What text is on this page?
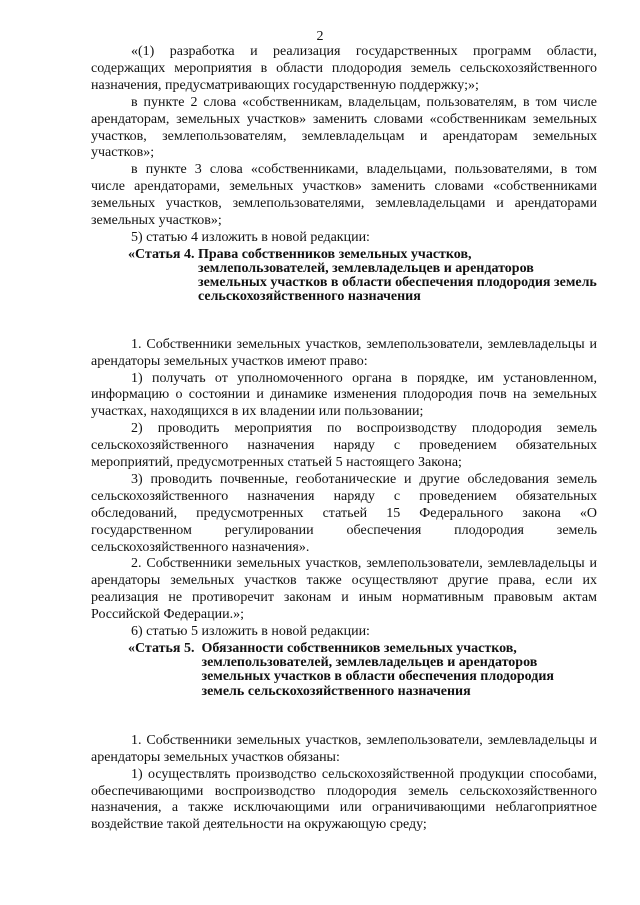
2

«(1) разработка и реализация государственных программ области, содержащих мероприятия в области плодородия земель сельскохозяйственного назначения, предусматривающих государственную поддержку;»;

в пункте 2 слова «собственникам, владельцам, пользователям, в том числе арендаторам, земельных участков» заменить словами «собственникам земельных участков, землепользователям, землевладельцам и арендаторам земельных участков»;

в пункте 3 слова «собственниками, владельцами, пользователями, в том числе арендаторами, земельных участков» заменить словами «собственниками земельных участков, землепользователями, землевладельцами и арендаторами земельных участков»;

5) статью 4 изложить в новой редакции:

«Статья 4. Права собственников земельных участков, землепользователей, землевладельцев и арендаторов земельных участков в области обеспечения плодородия земель сельскохозяйственного назначения

1. Собственники земельных участков, землепользователи, землевладельцы и арендаторы земельных участков имеют право:

1) получать от уполномоченного органа в порядке, им установленном, информацию о состоянии и динамике изменения плодородия почв на земельных участках, находящихся в их владении или пользовании;

2) проводить мероприятия по воспроизводству плодородия земель сельскохозяйственного назначения наряду с проведением обязательных мероприятий, предусмотренных статьей 5 настоящего Закона;

3) проводить почвенные, геоботанические и другие обследования земель сельскохозяйственного назначения наряду с проведением обязательных обследований, предусмотренных статьей 15 Федерального закона «О государственном регулировании обеспечения плодородия земель сельскохозяйственного назначения».

2. Собственники земельных участков, землепользователи, землевладельцы и арендаторы земельных участков также осуществляют другие права, если их реализация не противоречит законам и иным нормативным правовым актам Российской Федерации.»;

6) статью 5 изложить в новой редакции:

«Статья 5. Обязанности собственников земельных участков, землепользователей, землевладельцев и арендаторов земельных участков в области обеспечения плодородия земель сельскохозяйственного назначения

1. Собственники земельных участков, землепользователи, землевладельцы и арендаторы земельных участков обязаны:

1) осуществлять производство сельскохозяйственной продукции способами, обеспечивающими воспроизводство плодородия земель сельскохозяйственного назначения, а также исключающими или ограничивающими неблагоприятное воздействие такой деятельности на окружающую среду;
